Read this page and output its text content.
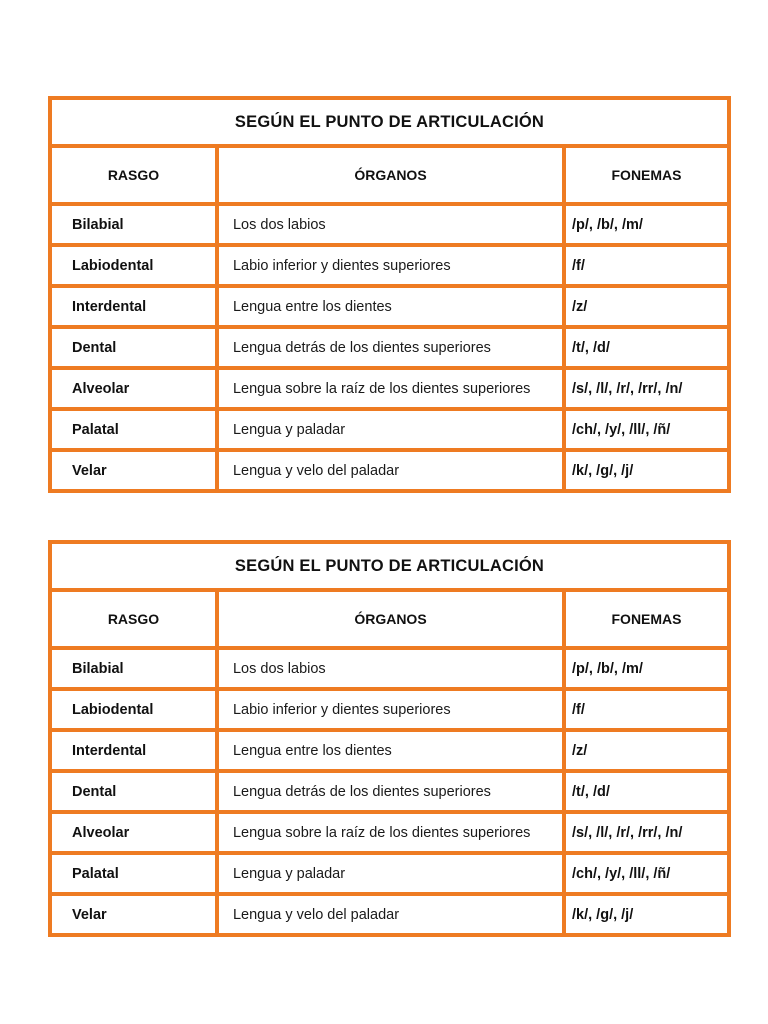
SEGÚN EL PUNTO DE ARTICULACIÓN		
RASGO	ÓRGANOS	FONEMAS
Bilabial	Los dos labios	/p/, /b/, /m/
Labiodental	Labio inferior y dientes superiores	/f/
Interdental	Lengua entre los dientes	/z/
Dental	Lengua detrás de los dientes superiores	/t/, /d/
Alveolar	Lengua sobre la raíz de los dientes superiores	/s/, /l/, /r/, /rr/, /n/
Palatal	Lengua y paladar	/ch/, /y/, /ll/, /ñ/
Velar	Lengua y velo del paladar	/k/, /g/, /j/
SEGÚN EL PUNTO DE ARTICULACIÓN		
RASGO	ÓRGANOS	FONEMAS
Bilabial	Los dos labios	/p/, /b/, /m/
Labiodental	Labio inferior y dientes superiores	/f/
Interdental	Lengua entre los dientes	/z/
Dental	Lengua detrás de los dientes superiores	/t/, /d/
Alveolar	Lengua sobre la raíz de los dientes superiores	/s/, /l/, /r/, /rr/, /n/
Palatal	Lengua y paladar	/ch/, /y/, /ll/, /ñ/
Velar	Lengua y velo del paladar	/k/, /g/, /j/
